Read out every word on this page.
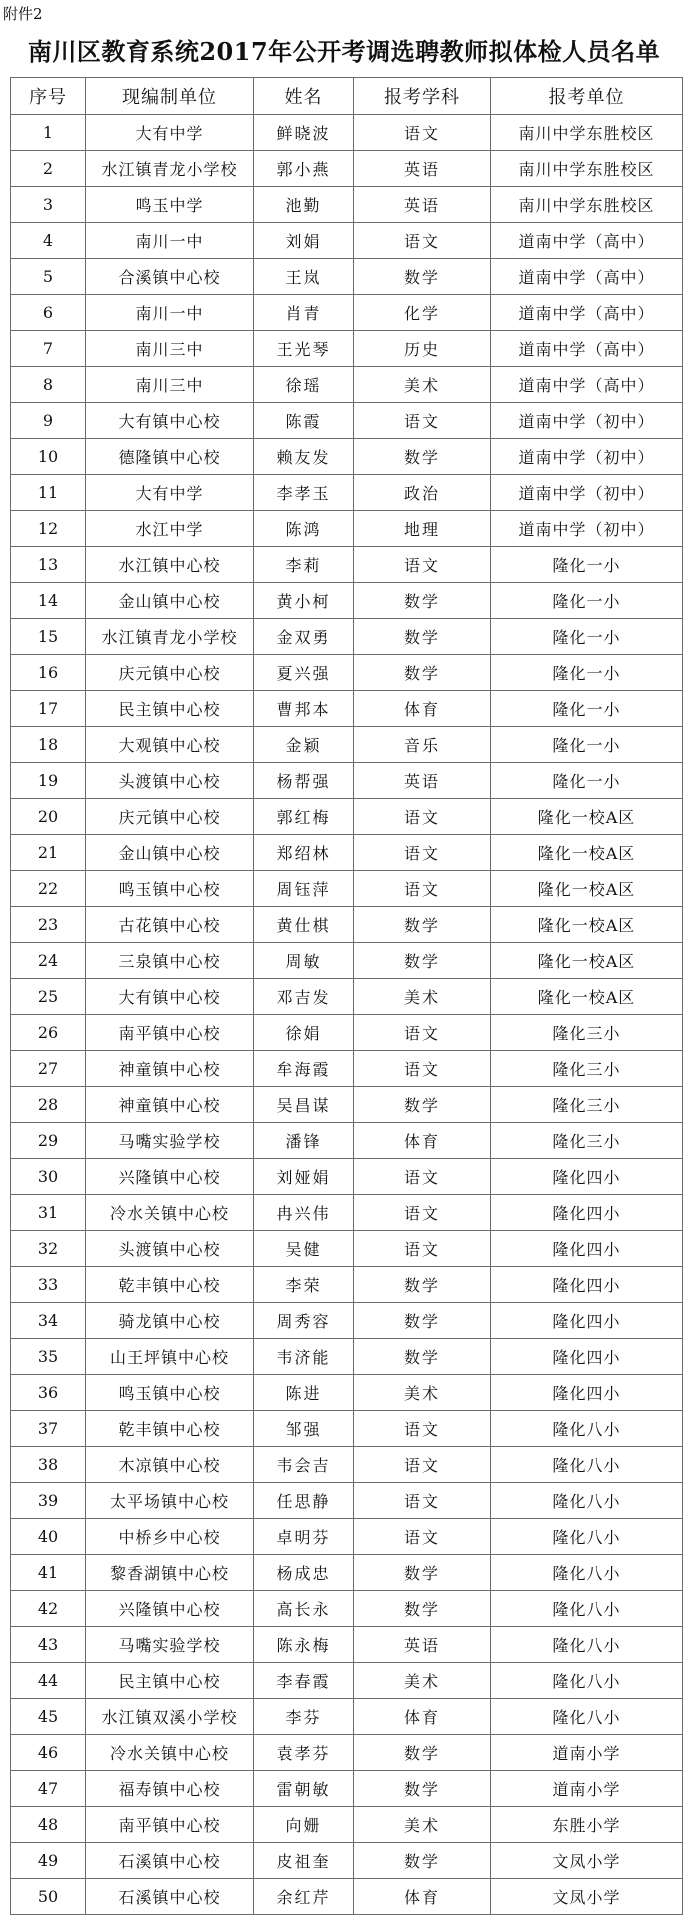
附件2
南川区教育系统2017年公开考调选聘教师拟体检人员名单
序号	现编制单位	姓名	报考学科	报考单位
1	大有中学	鲜晓波	语文	南川中学东胜校区
2	水江镇青龙小学校	郭小燕	英语	南川中学东胜校区
3	鸣玉中学	池勤	英语	南川中学东胜校区
4	南川一中	刘娟	语文	道南中学（高中）
5	合溪镇中心校	王岚	数学	道南中学（高中）
6	南川一中	肖青	化学	道南中学（高中）
7	南川三中	王光琴	历史	道南中学（高中）
8	南川三中	徐瑶	美术	道南中学（高中）
9	大有镇中心校	陈霞	语文	道南中学（初中）
10	德隆镇中心校	赖友发	数学	道南中学（初中）
11	大有中学	李孝玉	政治	道南中学（初中）
12	水江中学	陈鸿	地理	道南中学（初中）
13	水江镇中心校	李莉	语文	隆化一小
14	金山镇中心校	黄小柯	数学	隆化一小
15	水江镇青龙小学校	金双勇	数学	隆化一小
16	庆元镇中心校	夏兴强	数学	隆化一小
17	民主镇中心校	曹邦本	体育	隆化一小
18	大观镇中心校	金颖	音乐	隆化一小
19	头渡镇中心校	杨帮强	英语	隆化一小
20	庆元镇中心校	郭红梅	语文	隆化一校A区
21	金山镇中心校	郑绍林	语文	隆化一校A区
22	鸣玉镇中心校	周钰萍	语文	隆化一校A区
23	古花镇中心校	黄仕棋	数学	隆化一校A区
24	三泉镇中心校	周敏	数学	隆化一校A区
25	大有镇中心校	邓吉发	美术	隆化一校A区
26	南平镇中心校	徐娟	语文	隆化三小
27	神童镇中心校	牟海霞	语文	隆化三小
28	神童镇中心校	吴昌谋	数学	隆化三小
29	马嘴实验学校	潘锋	体育	隆化三小
30	兴隆镇中心校	刘娅娟	语文	隆化四小
31	冷水关镇中心校	冉兴伟	语文	隆化四小
32	头渡镇中心校	吴健	语文	隆化四小
33	乾丰镇中心校	李荣	数学	隆化四小
34	骑龙镇中心校	周秀容	数学	隆化四小
35	山王坪镇中心校	韦济能	数学	隆化四小
36	鸣玉镇中心校	陈进	美术	隆化四小
37	乾丰镇中心校	邹强	语文	隆化八小
38	木凉镇中心校	韦会吉	语文	隆化八小
39	太平场镇中心校	任思静	语文	隆化八小
40	中桥乡中心校	卓明芬	语文	隆化八小
41	黎香湖镇中心校	杨成忠	数学	隆化八小
42	兴隆镇中心校	高长永	数学	隆化八小
43	马嘴实验学校	陈永梅	英语	隆化八小
44	民主镇中心校	李春霞	美术	隆化八小
45	水江镇双溪小学校	李芬	体育	隆化八小
46	冷水关镇中心校	袁孝芬	数学	道南小学
47	福寿镇中心校	雷朝敏	数学	道南小学
48	南平镇中心校	向姗	美术	东胜小学
49	石溪镇中心校	皮祖奎	数学	文凤小学
50	石溪镇中心校	余红芹	体育	文凤小学
